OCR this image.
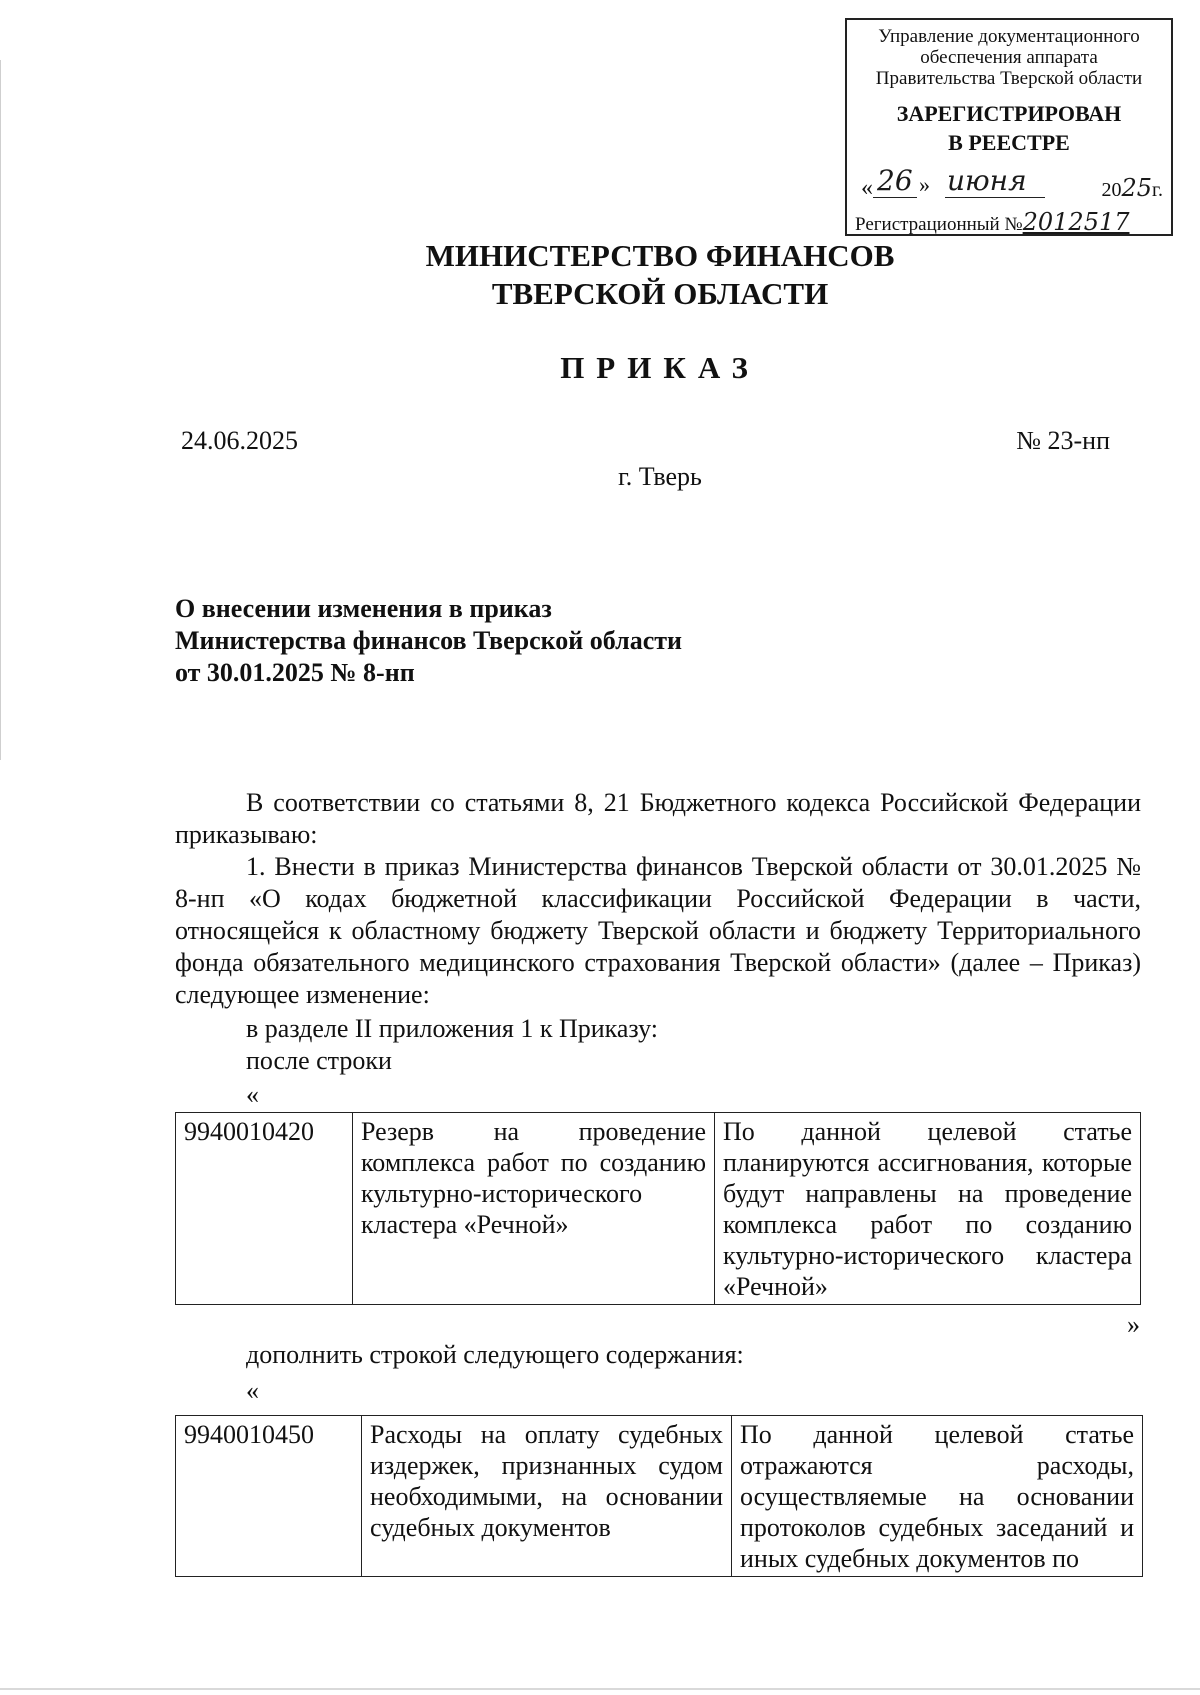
Управление документационного
обеспечения аппарата
Правительства Тверской области
ЗАРЕГИСТРИРОВАН
В РЕЕСТРЕ
« 26 » июня	2025г.
Регистрационный №2012517
МИНИСТЕРСТВО ФИНАНСОВ
ТВЕРСКОЙ ОБЛАСТИ
ПРИКАЗ
24.06.2025	№ 23-нп
г. Тверь
О внесении изменения в приказ
Министерства финансов Тверской области
от 30.01.2025 № 8-нп

В соответствии со статьями 8, 21 Бюджетного кодекса Российской Федерации приказываю:

1. Внести в приказ Министерства финансов Тверской области от 30.01.2025 № 8-нп «О кодах бюджетной классификации Российской Федерации в части, относящейся к областному бюджету Тверской области и бюджету Территориального фонда обязательного медицинского страхования Тверской области» (далее – Приказ) следующее изменение:

в разделе II приложения 1 к Приказу:
после строки
«
9940010420	Резерв на проведение комплекса работ по созданию культурно-исторического кластера «Речной»	По данной целевой статье планируются ассигнования, которые будут направлены на проведение комплекса работ по созданию культурно-исторического кластера «Речной»
»
дополнить строкой следующего содержания:
«
9940010450	Расходы на оплату судебных издержек, признанных судом необходимыми, на основании судебных документов	По данной целевой статье отражаются расходы, осуществляемые на основании протоколов судебных заседаний и иных судебных документов по
